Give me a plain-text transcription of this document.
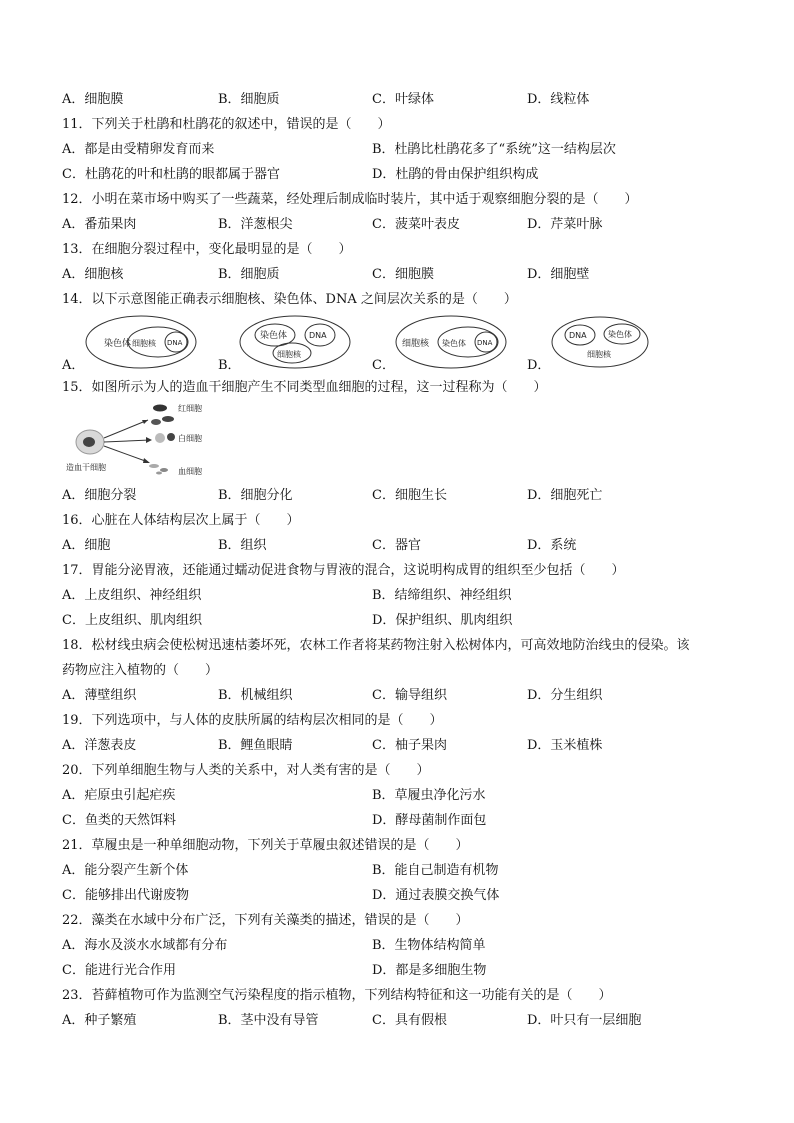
A．细胞膜	B．细胞质	C．叶绿体	D．线粒体
11．下列关于杜鹃和杜鹃花的叙述中，错误的是（　　）
A．都是由受精卵发育而来	B．杜鹃比杜鹃花多了“系统”这一结构层次
C．杜鹃花的叶和杜鹃的眼都属于器官	D．杜鹃的骨由保护组织构成
12．小明在菜市场中购买了一些蔬菜，经处理后制成临时装片，其中适于观察细胞分裂的是（　　）
A．番茄果肉	B．洋葱根尖	C．菠菜叶表皮	D．芹菜叶脉
13．在细胞分裂过程中，变化最明显的是（　　）
A．细胞核	B．细胞质	C．细胞膜	D．细胞壁
14．以下示意图能正确表示细胞核、染色体、DNA 之间层次关系的是（　　）
A．
染色体 细胞核 DNA
B．
染色体	DNA
细胞核
C．
细胞核 染色体 DNA
D．
DNA	染色体
细胞核
15．如图所示为人的造血干细胞产生不同类型血细胞的过程，这一过程称为（　　）
红细胞
白细胞
血细胞
造血干细胞
A．细胞分裂	B．细胞分化	C．细胞生长	D．细胞死亡
16．心脏在人体结构层次上属于（　　）
A．细胞	B．组织	C．器官	D．系统
17．胃能分泌胃液，还能通过蠕动促进食物与胃液的混合，这说明构成胃的组织至少包括（　　）
A．上皮组织、神经组织	B．结缔组织、神经组织
C．上皮组织、肌肉组织	D．保护组织、肌肉组织
18．松材线虫病会使松树迅速枯萎坏死，农林工作者将某药物注射入松树体内，可高效地防治线虫的侵染。该
药物应注入植物的（　　）
A．薄壁组织	B．机械组织	C．输导组织	D．分生组织
19．下列选项中，与人体的皮肤所属的结构层次相同的是（　　）
A．洋葱表皮	B．鲤鱼眼睛	C．柚子果肉	D．玉米植株
20．下列单细胞生物与人类的关系中，对人类有害的是（　　）
A．疟原虫引起疟疾	B．草履虫净化污水
C．鱼类的天然饵料	D．酵母菌制作面包
21．草履虫是一种单细胞动物，下列关于草履虫叙述错误的是（　　）
A．能分裂产生新个体	B．能自己制造有机物
C．能够排出代谢废物	D．通过表膜交换气体
22．藻类在水域中分布广泛，下列有关藻类的描述，错误的是（　　）
A．海水及淡水水域都有分布	B．生物体结构简单
C．能进行光合作用	D．都是多细胞生物
23．苔藓植物可作为监测空气污染程度的指示植物，下列结构特征和这一功能有关的是（　　）
A．种子繁殖	B．茎中没有导管	C．具有假根	D．叶只有一层细胞
